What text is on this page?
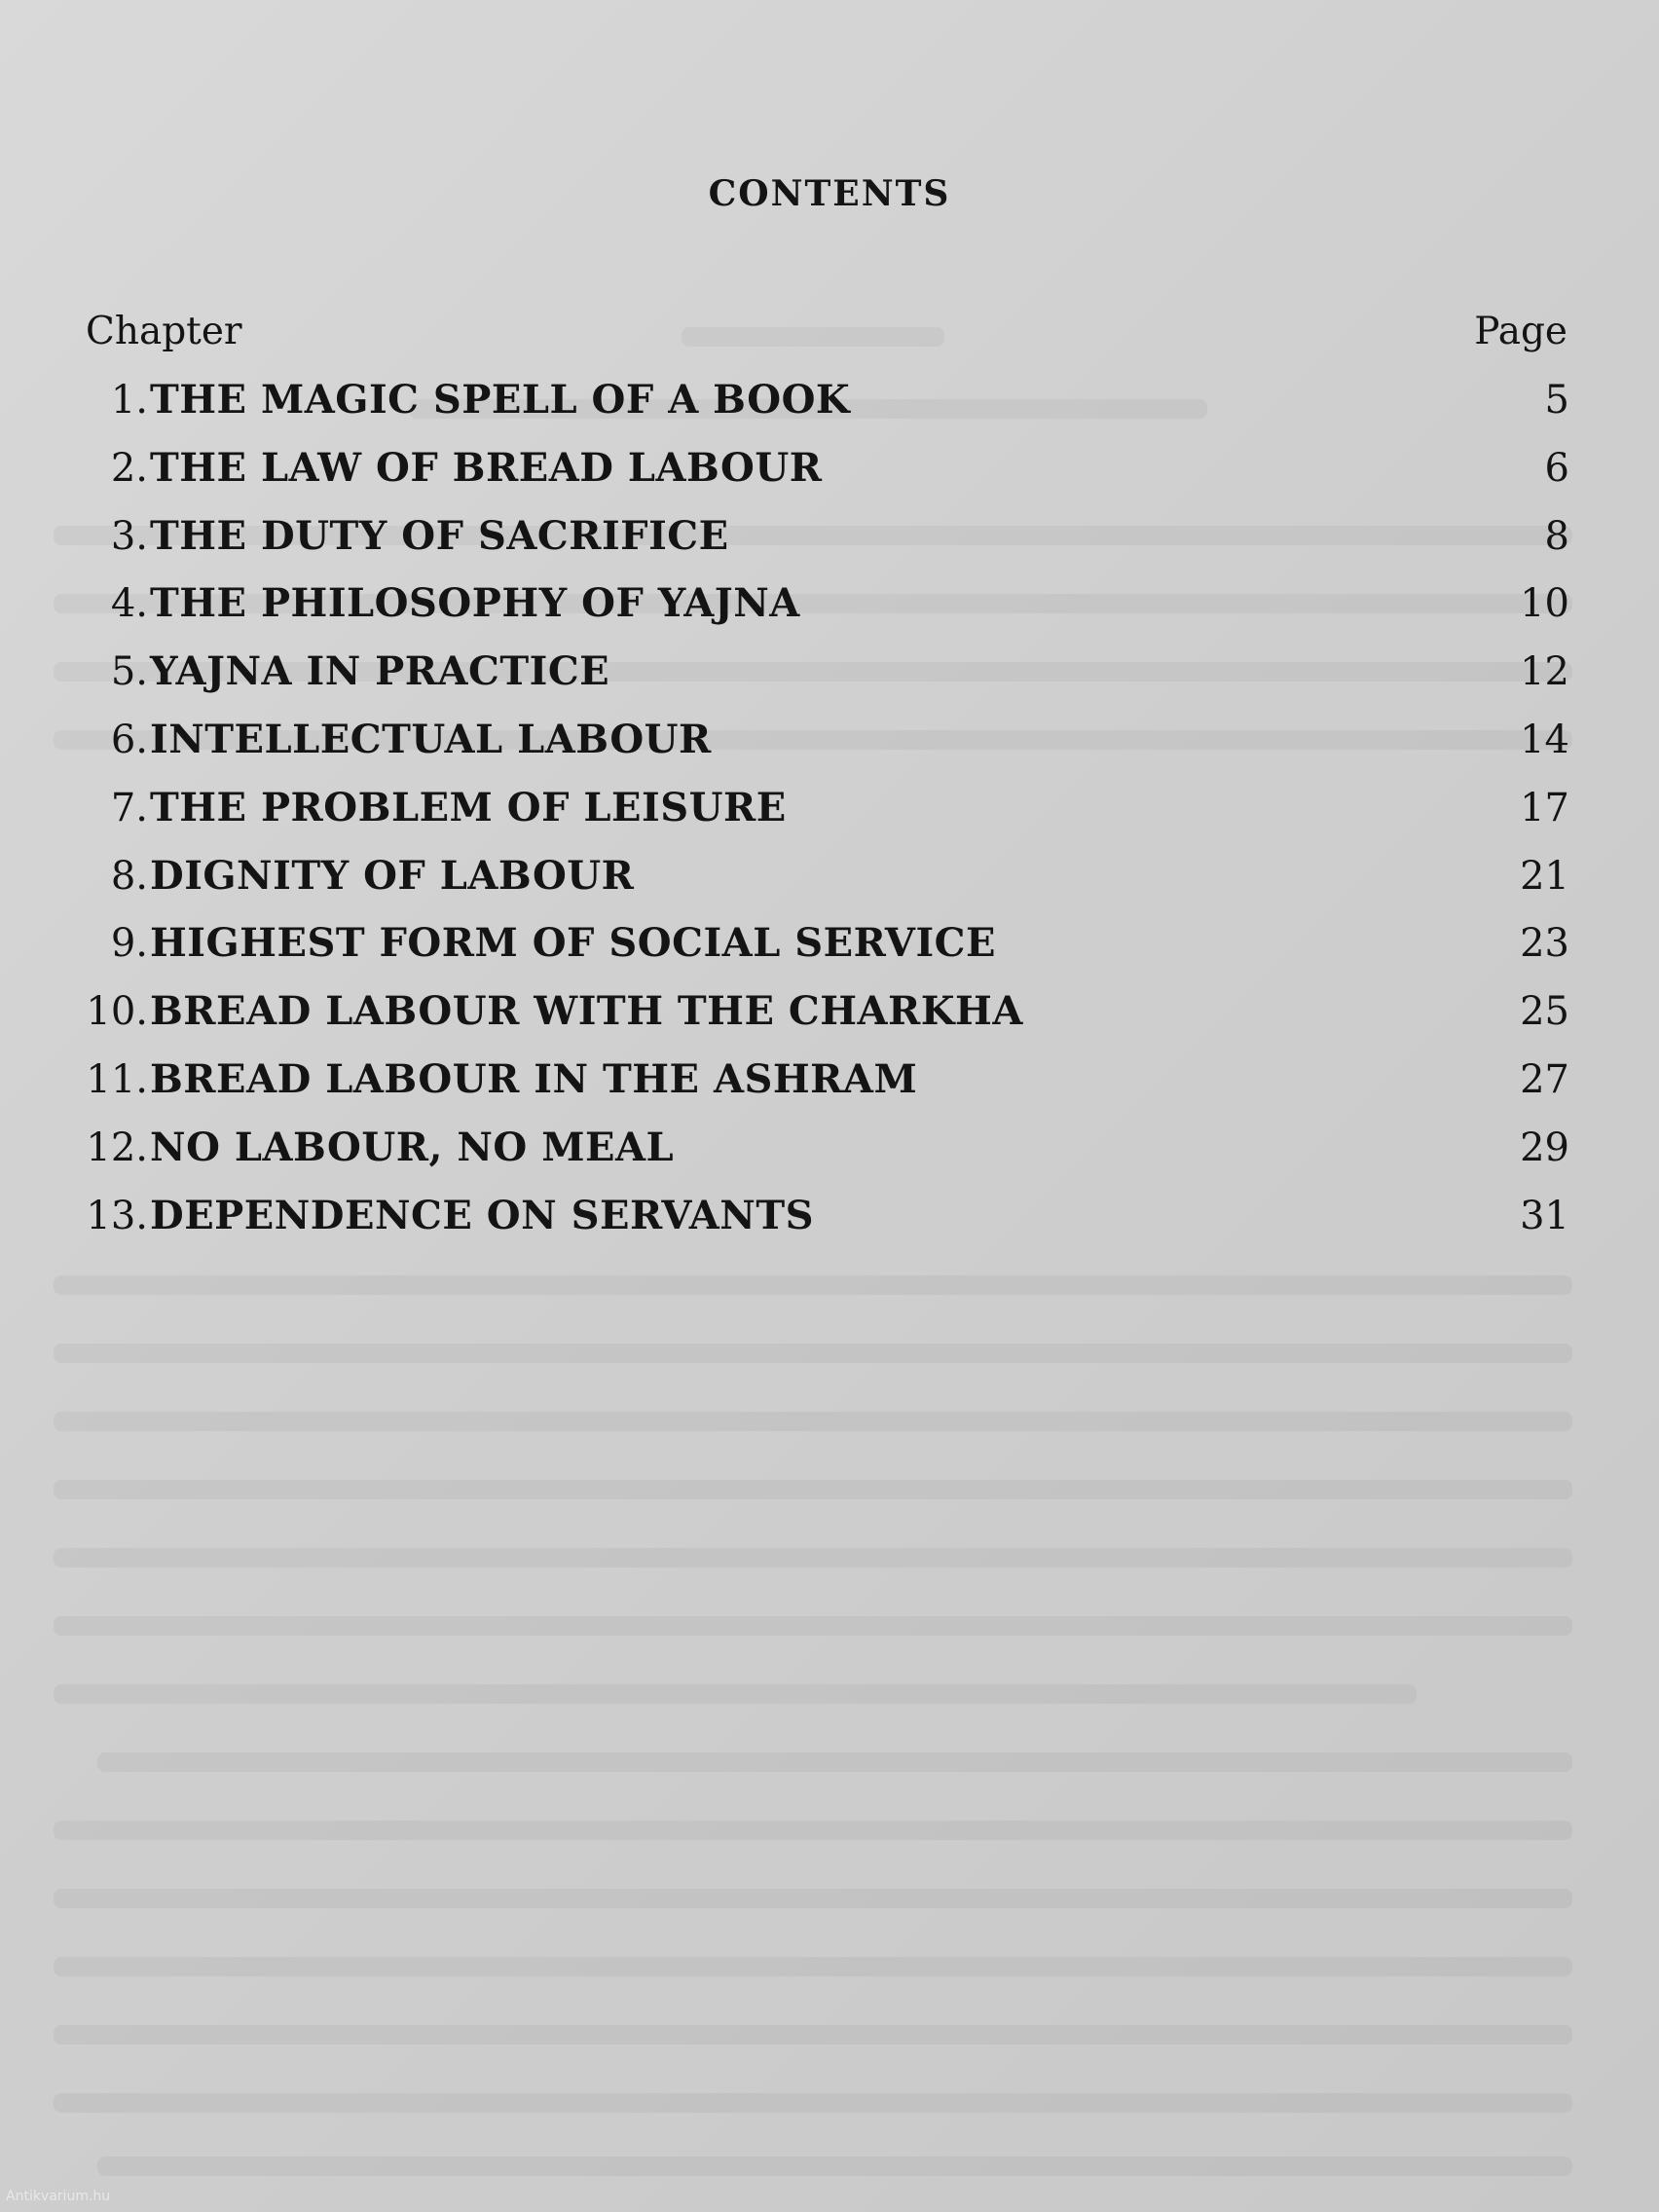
CONTENTS
Chapter	Page
1. THE MAGIC SPELL OF A BOOK	5
2. THE LAW OF BREAD LABOUR	6
3. THE DUTY OF SACRIFICE	8
4. THE PHILOSOPHY OF YAJNA	10
5. YAJNA IN PRACTICE	12
6. INTELLECTUAL LABOUR	14
7. THE PROBLEM OF LEISURE	17
8. DIGNITY OF LABOUR	21
9. HIGHEST FORM OF SOCIAL SERVICE	23
10. BREAD LABOUR WITH THE CHARKHA	25
11. BREAD LABOUR IN THE ASHRAM	27
12. NO LABOUR, NO MEAL	29
13. DEPENDENCE ON SERVANTS	31
Antikvarium.hu
